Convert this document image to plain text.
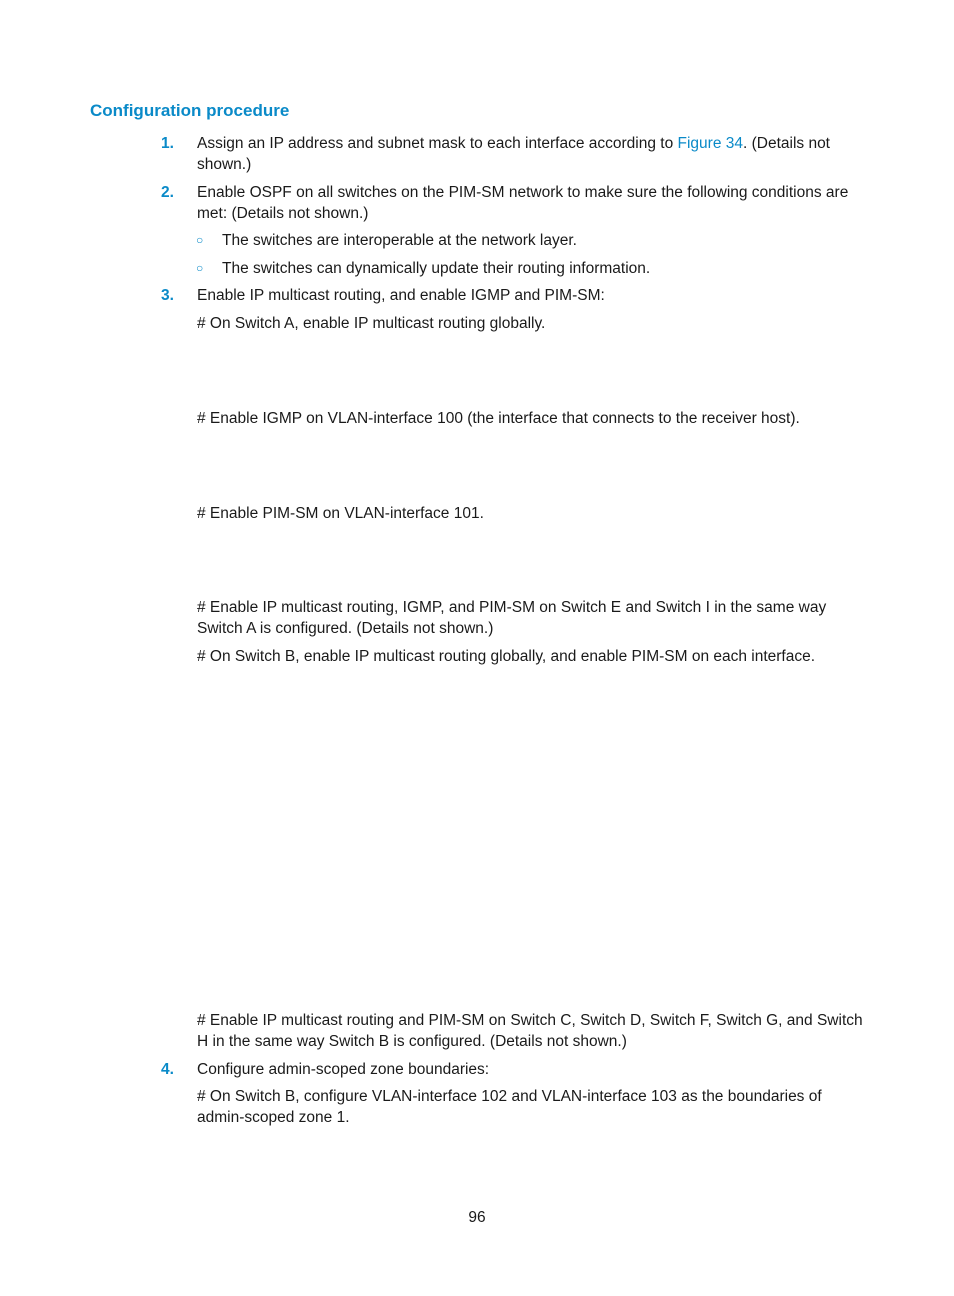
Configuration procedure
1.	Assign an IP address and subnet mask to each interface according to Figure 34. (Details not shown.)
2.	Enable OSPF on all switches on the PIM-SM network to make sure the following conditions are met: (Details not shown.)
○ The switches are interoperable at the network layer.
○ The switches can dynamically update their routing information.
3.	Enable IP multicast routing, and enable IGMP and PIM-SM:
# On Switch A, enable IP multicast routing globally.
# Enable IGMP on VLAN-interface 100 (the interface that connects to the receiver host).
# Enable PIM-SM on VLAN-interface 101.
# Enable IP multicast routing, IGMP, and PIM-SM on Switch E and Switch I in the same way Switch A is configured. (Details not shown.)
# On Switch B, enable IP multicast routing globally, and enable PIM-SM on each interface.
# Enable IP multicast routing and PIM-SM on Switch C, Switch D, Switch F, Switch G, and Switch H in the same way Switch B is configured. (Details not shown.)
4.	Configure admin-scoped zone boundaries:
# On Switch B, configure VLAN-interface 102 and VLAN-interface 103 as the boundaries of admin-scoped zone 1.
96
